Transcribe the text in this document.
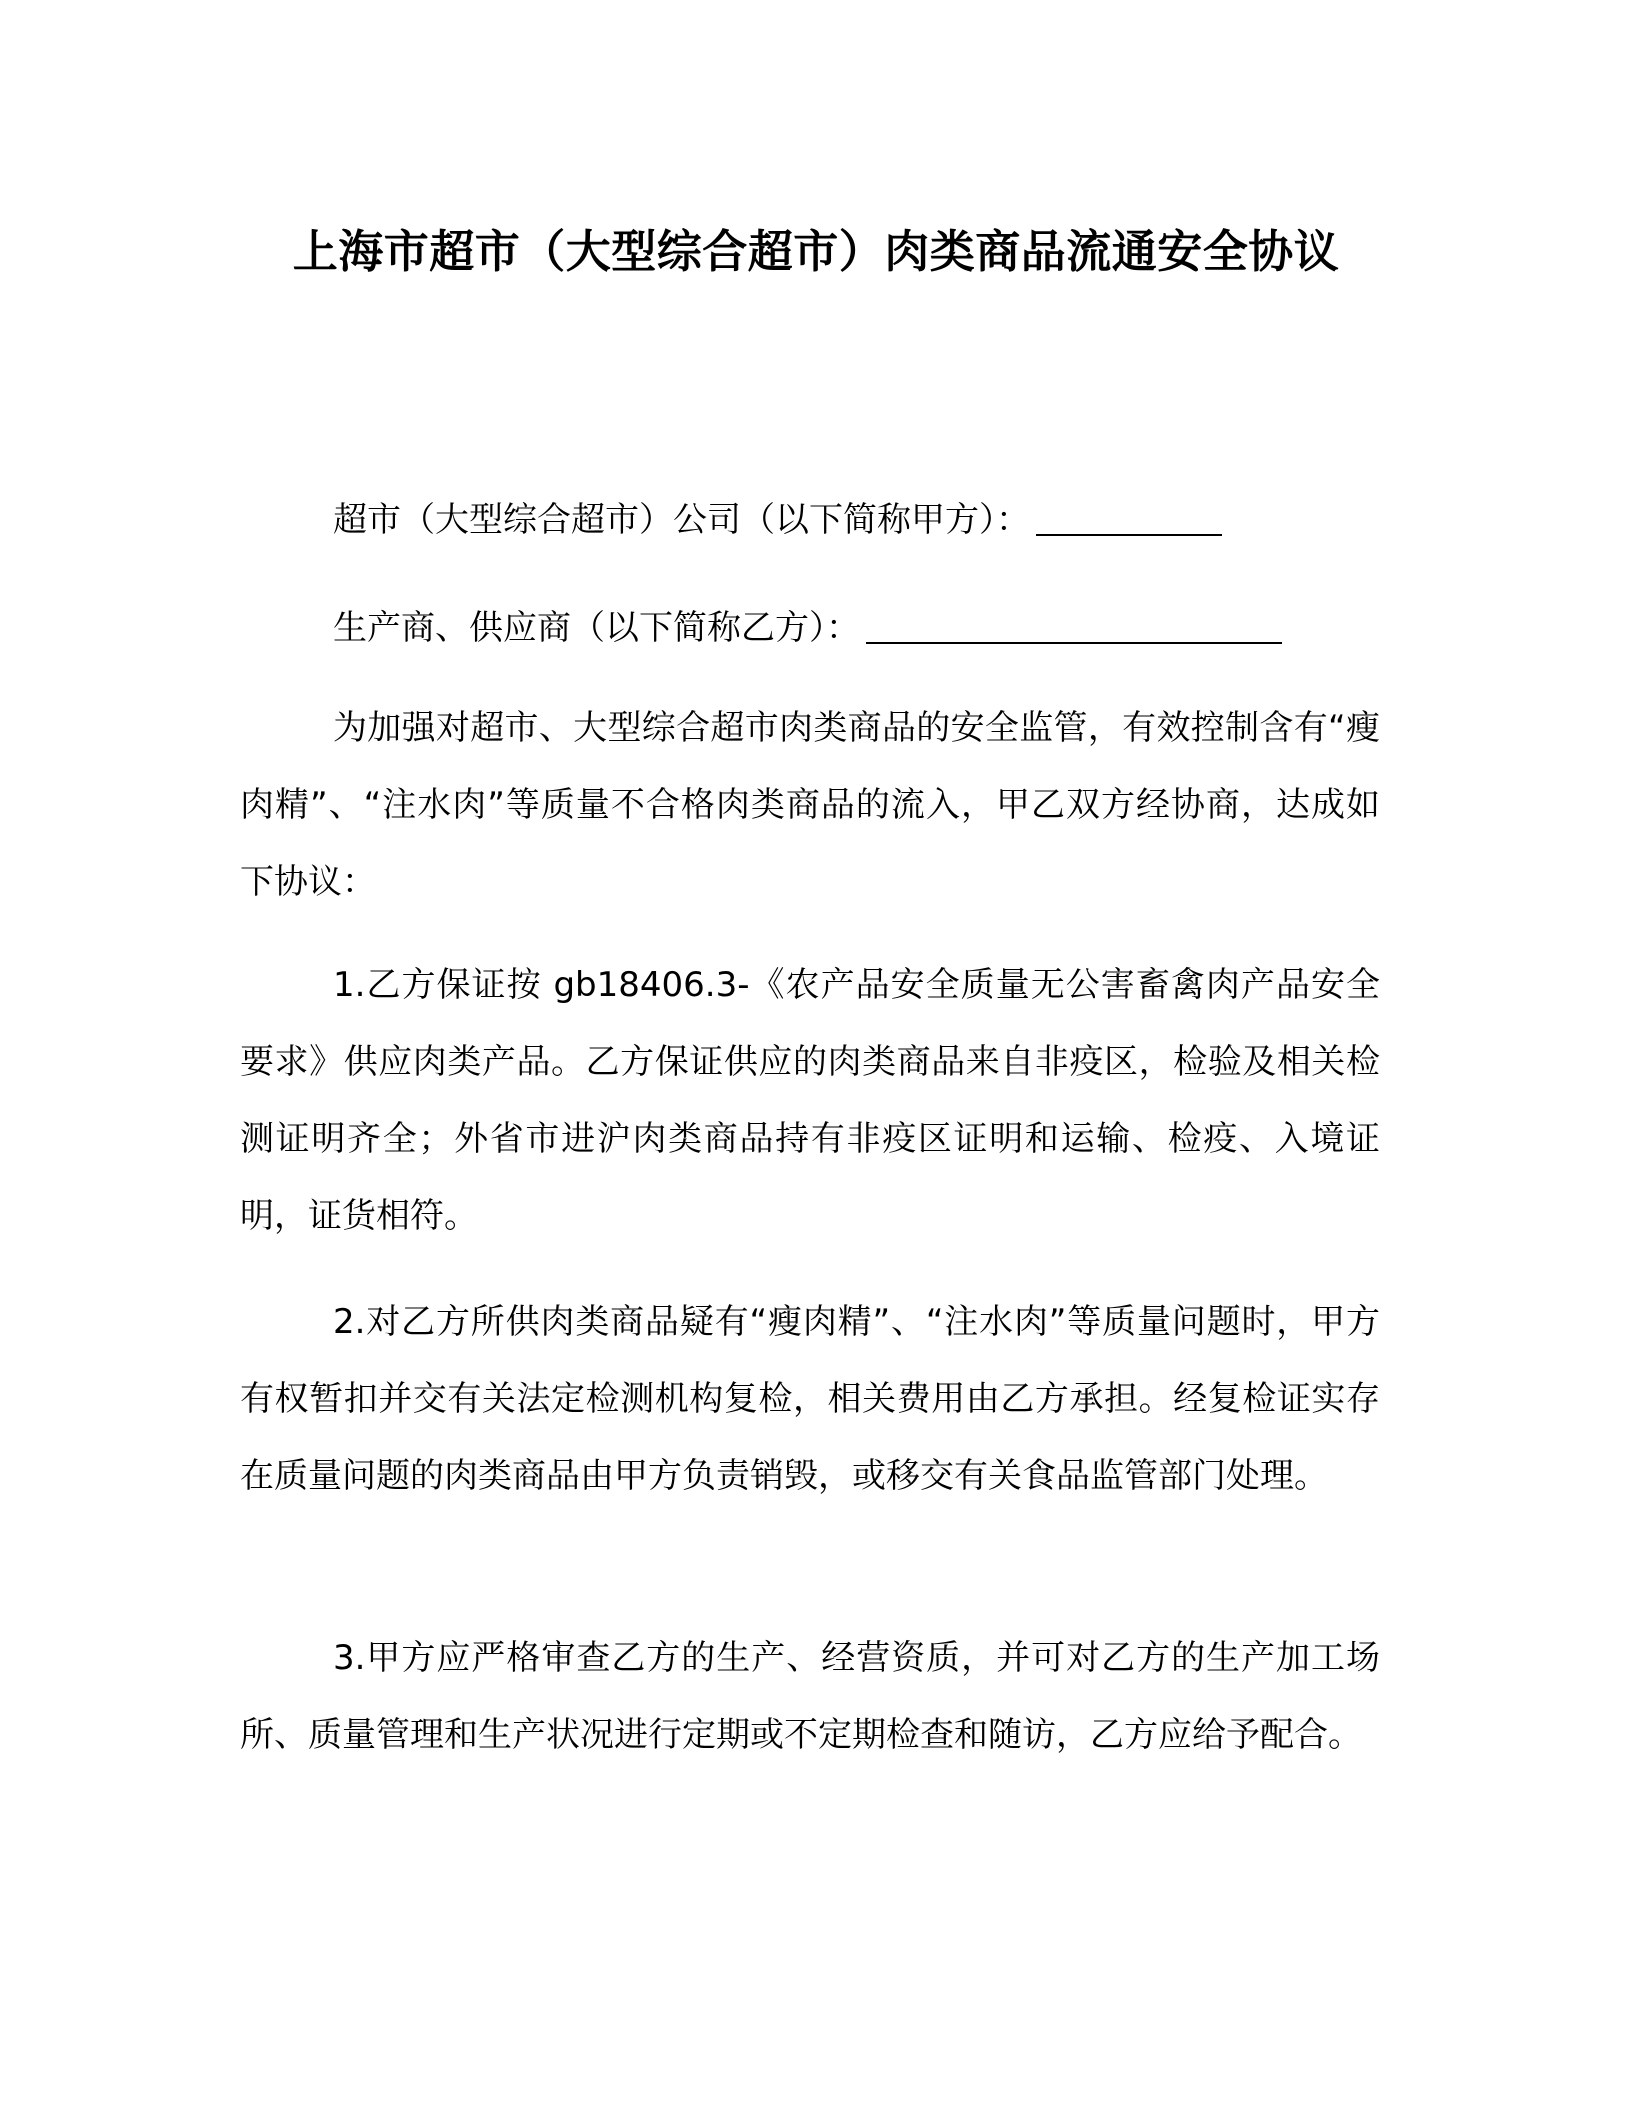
上海市超市（大型综合超市）肉类商品流通安全协议

超市（大型综合超市）公司（以下简称甲方）：

生产商、供应商（以下简称乙方）：

为加强对超市、大型综合超市肉类商品的安全监管，有效控制含有“瘦肉精”、“注水肉”等质量不合格肉类商品的流入，甲乙双方经协商，达成如下协议：

1.乙方保证按 gb18406.3-《农产品安全质量无公害畜禽肉产品安全要求》供应肉类产品。乙方保证供应的肉类商品来自非疫区，检验及相关检测证明齐全；外省市进沪肉类商品持有非疫区证明和运输、检疫、入境证明，证货相符。

2.对乙方所供肉类商品疑有“瘦肉精”、“注水肉”等质量问题时，甲方有权暂扣并交有关法定检测机构复检，相关费用由乙方承担。经复检证实存在质量问题的肉类商品由甲方负责销毁，或移交有关食品监管部门处理。

3.甲方应严格审查乙方的生产、经营资质，并可对乙方的生产加工场所、质量管理和生产状况进行定期或不定期检查和随访，乙方应给予配合。
